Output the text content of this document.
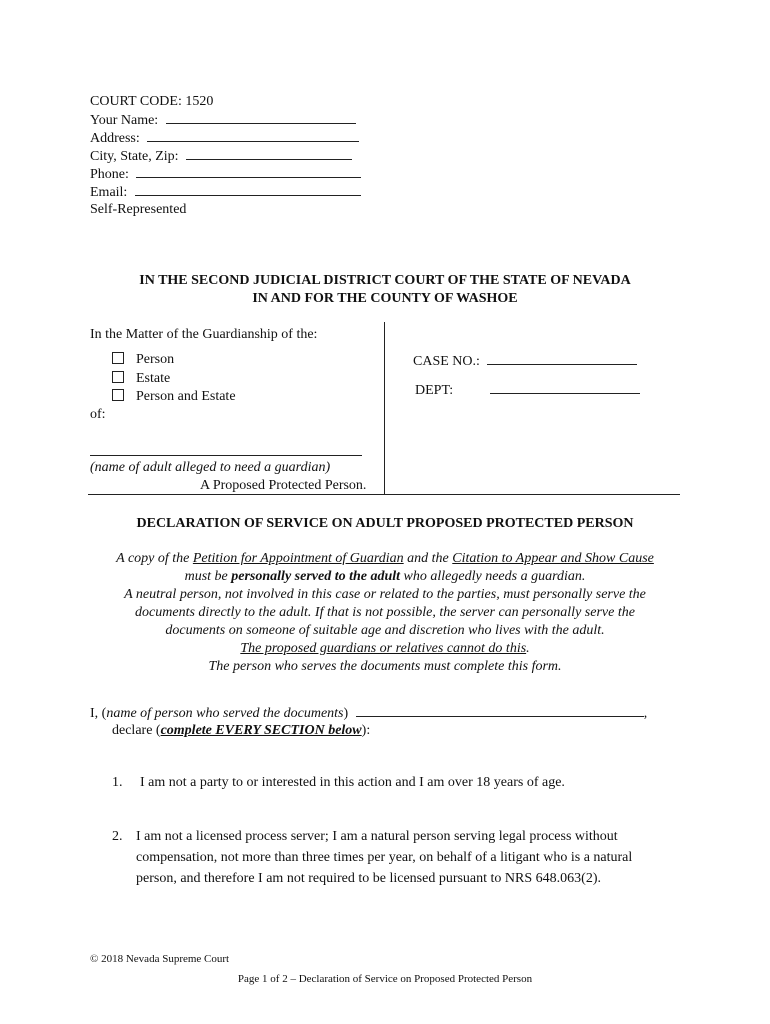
COURT CODE: 1520
Your Name:
Address:
City, State, Zip:
Phone:
Email:
Self-Represented
IN THE SECOND JUDICIAL DISTRICT COURT OF THE STATE OF NEVADA
IN AND FOR THE COUNTY OF WASHOE
In the Matter of the Guardianship of the:
Person
Estate
Person and Estate
of:
(name of adult alleged to need a guardian)
A Proposed Protected Person.
CASE NO.:
DEPT:
DECLARATION OF SERVICE ON ADULT PROPOSED PROTECTED PERSON
A copy of the Petition for Appointment of Guardian and the Citation to Appear and Show Cause
must be personally served to the adult who allegedly needs a guardian.
A neutral person, not involved in this case or related to the parties, must personally serve the
documents directly to the adult. If that is not possible, the server can personally serve the
documents on someone of suitable age and discretion who lives with the adult.
The proposed guardians or relatives cannot do this.
The person who serves the documents must complete this form.
I, (name of person who served the documents)	,
declare (complete EVERY SECTION below):
1. I am not a party to or interested in this action and I am over 18 years of age.
2. I am not a licensed process server; I am a natural person serving legal process without
compensation, not more than three times per year, on behalf of a litigant who is a natural
person, and therefore I am not required to be licensed pursuant to NRS 648.063(2).
© 2018 Nevada Supreme Court
Page 1 of 2 – Declaration of Service on Proposed Protected Person
